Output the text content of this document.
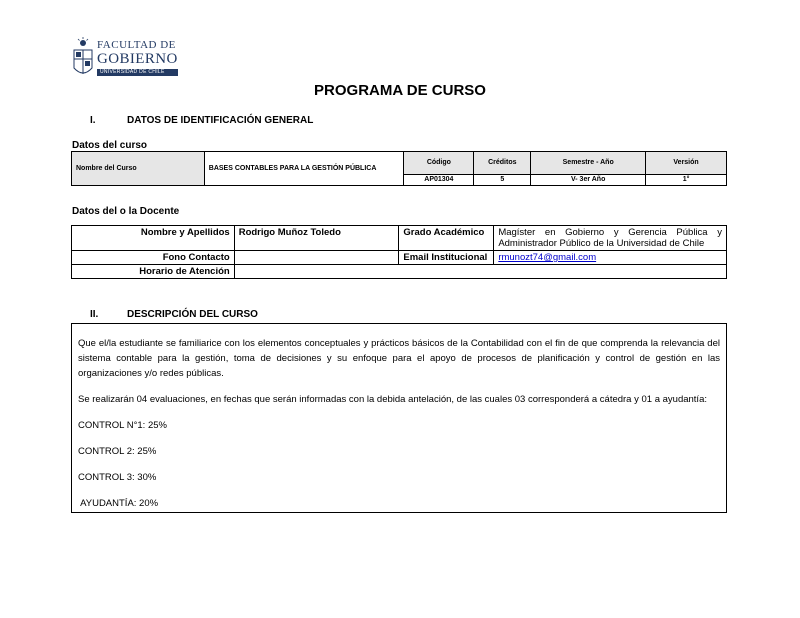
FACULTAD DE
GOBIERNO
UNIVERSIDAD DE CHILE
PROGRAMA DE CURSO
I.	DATOS DE IDENTIFICACIÓN GENERAL
Datos del curso
Nombre del Curso	BASES CONTABLES PARA LA GESTIÓN PÚBLICA	Código	Créditos	Semestre - Año	Versión
		AP01304	5	V- 3er Año	1°
Datos del o la Docente
Nombre y Apellidos	Rodrigo Muñoz Toledo	Grado Académico	Magíster en Gobierno y Gerencia Pública y Administrador Público de la Universidad de Chile
Fono Contacto		Email Institucional	rmunozt74@gmail.com
Horario de Atención			
II.	DESCRIPCIÓN DEL CURSO

Que el/la estudiante se familiarice con los elementos conceptuales y prácticos básicos de la Contabilidad con el fin de que comprenda la relevancia del sistema contable para la gestión, toma de decisiones y su enfoque para el apoyo de procesos de planificación y control de gestión en las organizaciones y/o redes públicas.

Se realizarán 04 evaluaciones, en fechas que serán informadas con la debida antelación, de las cuales 03 corresponderá a cátedra y 01 a ayudantía:

CONTROL N°1: 25%

CONTROL 2: 25%

CONTROL 3: 30%

AYUDANTÍA: 20%
